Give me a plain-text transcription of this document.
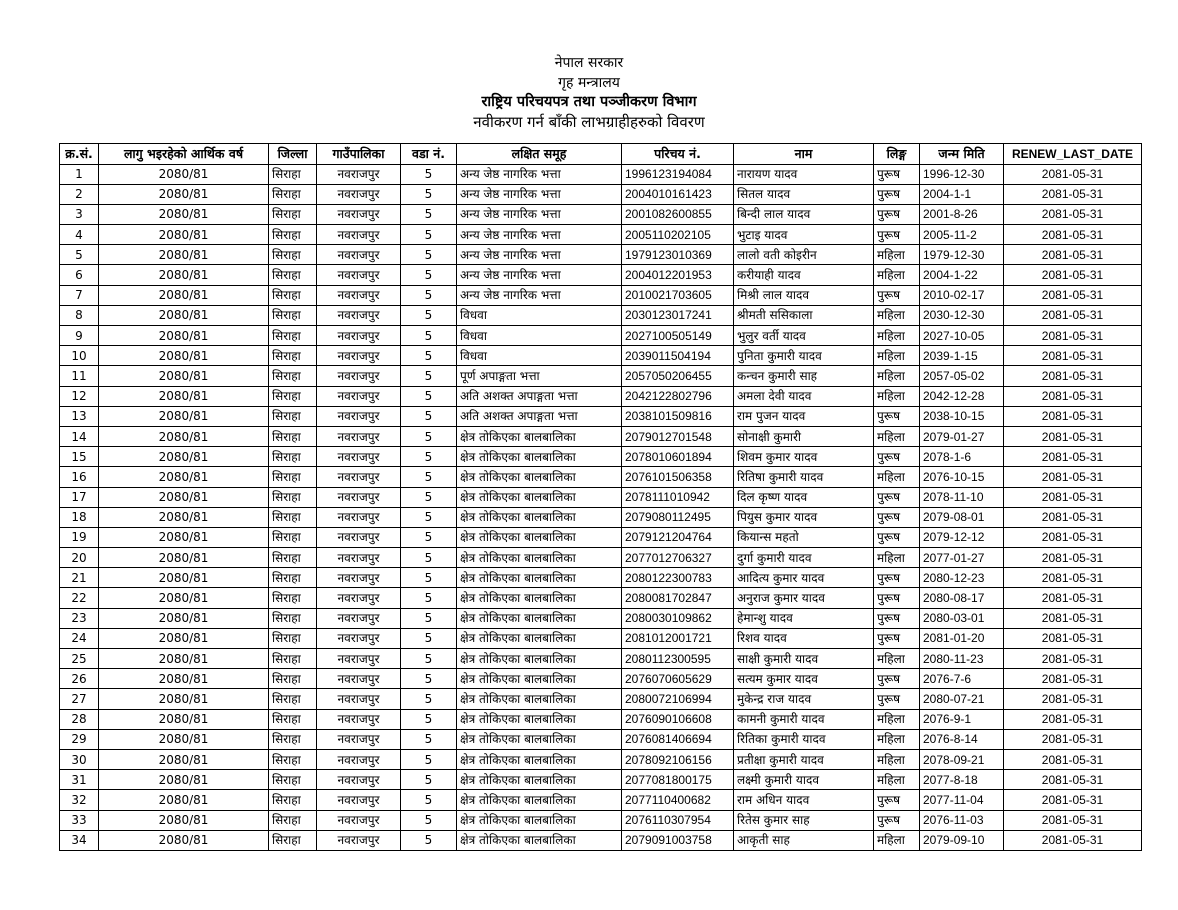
नेपाल सरकार
गृह मन्त्रालय
राष्ट्रिय परिचयपत्र तथा पञ्जीकरण विभाग
नवीकरण गर्न बाँकी लाभग्राहीहरुको विवरण
क्र.सं.	लागु भइरहेको आर्थिक वर्ष	जिल्ला	गाउँपालिका	वडा नं.	लक्षित समूह	परिचय नं.	नाम	लिङ्ग	जन्म मिति	RENEW_LAST_DATE
1	2080/81	सिराहा	नवराजपुर	5	अन्य जेष्ठ नागरिक भत्ता	1996123194084	नारायण यादव	पुरूष	1996-12-30	2081-05-31
2	2080/81	सिराहा	नवराजपुर	5	अन्य जेष्ठ नागरिक भत्ता	2004010161423	सितल यादव	पुरूष	2004-1-1	2081-05-31
3	2080/81	सिराहा	नवराजपुर	5	अन्य जेष्ठ नागरिक भत्ता	2001082600855	बिन्दी लाल यादव	पुरूष	2001-8-26	2081-05-31
4	2080/81	सिराहा	नवराजपुर	5	अन्य जेष्ठ नागरिक भत्ता	2005110202105	भुटाइ यादव	पुरूष	2005-11-2	2081-05-31
5	2080/81	सिराहा	नवराजपुर	5	अन्य जेष्ठ नागरिक भत्ता	1979123010369	लालो वती कोइरीन	महिला	1979-12-30	2081-05-31
6	2080/81	सिराहा	नवराजपुर	5	अन्य जेष्ठ नागरिक भत्ता	2004012201953	करीयाही यादव	महिला	2004-1-22	2081-05-31
7	2080/81	सिराहा	नवराजपुर	5	अन्य जेष्ठ नागरिक भत्ता	2010021703605	मिश्री लाल यादव	पुरूष	2010-02-17	2081-05-31
8	2080/81	सिराहा	नवराजपुर	5	विधवा	2030123017241	श्रीमती ससिकाला	महिला	2030-12-30	2081-05-31
9	2080/81	सिराहा	नवराजपुर	5	विधवा	2027100505149	भुलुर वर्ती यादव	महिला	2027-10-05	2081-05-31
10	2080/81	सिराहा	नवराजपुर	5	विधवा	2039011504194	पुनिता कुमारी यादव	महिला	2039-1-15	2081-05-31
11	2080/81	सिराहा	नवराजपुर	5	पूर्ण अपाङ्गता भत्ता	2057050206455	कन्चन कुमारी साह	महिला	2057-05-02	2081-05-31
12	2080/81	सिराहा	नवराजपुर	5	अति अशक्त अपाङ्गता भत्ता	2042122802796	अमला देवी यादव	महिला	2042-12-28	2081-05-31
13	2080/81	सिराहा	नवराजपुर	5	अति अशक्त अपाङ्गता भत्ता	2038101509816	राम पुजन यादव	पुरूष	2038-10-15	2081-05-31
14	2080/81	सिराहा	नवराजपुर	5	क्षेत्र तोकिएका बालबालिका	2079012701548	सोनाक्षी कुमारी	महिला	2079-01-27	2081-05-31
15	2080/81	सिराहा	नवराजपुर	5	क्षेत्र तोकिएका बालबालिका	2078010601894	शिवम कुमार यादव	पुरूष	2078-1-6	2081-05-31
16	2080/81	सिराहा	नवराजपुर	5	क्षेत्र तोकिएका बालबालिका	2076101506358	रितिषा कुमारी यादव	महिला	2076-10-15	2081-05-31
17	2080/81	सिराहा	नवराजपुर	5	क्षेत्र तोकिएका बालबालिका	2078111010942	दिल कृष्ण यादव	पुरूष	2078-11-10	2081-05-31
18	2080/81	सिराहा	नवराजपुर	5	क्षेत्र तोकिएका बालबालिका	2079080112495	पियुस कुमार यादव	पुरूष	2079-08-01	2081-05-31
19	2080/81	सिराहा	नवराजपुर	5	क्षेत्र तोकिएका बालबालिका	2079121204764	कियान्स महतो	पुरूष	2079-12-12	2081-05-31
20	2080/81	सिराहा	नवराजपुर	5	क्षेत्र तोकिएका बालबालिका	2077012706327	दुर्गा कुमारी यादव	महिला	2077-01-27	2081-05-31
21	2080/81	सिराहा	नवराजपुर	5	क्षेत्र तोकिएका बालबालिका	2080122300783	आदित्य कुमार यादव	पुरूष	2080-12-23	2081-05-31
22	2080/81	सिराहा	नवराजपुर	5	क्षेत्र तोकिएका बालबालिका	2080081702847	अनुराज कुमार यादव	पुरूष	2080-08-17	2081-05-31
23	2080/81	सिराहा	नवराजपुर	5	क्षेत्र तोकिएका बालबालिका	2080030109862	हेमान्शु यादव	पुरूष	2080-03-01	2081-05-31
24	2080/81	सिराहा	नवराजपुर	5	क्षेत्र तोकिएका बालबालिका	2081012001721	रिशव यादव	पुरूष	2081-01-20	2081-05-31
25	2080/81	सिराहा	नवराजपुर	5	क्षेत्र तोकिएका बालबालिका	2080112300595	साक्षी कुमारी यादव	महिला	2080-11-23	2081-05-31
26	2080/81	सिराहा	नवराजपुर	5	क्षेत्र तोकिएका बालबालिका	2076070605629	सत्यम कुमार यादव	पुरूष	2076-7-6	2081-05-31
27	2080/81	सिराहा	नवराजपुर	5	क्षेत्र तोकिएका बालबालिका	2080072106994	मुकेन्द्र राज यादव	पुरूष	2080-07-21	2081-05-31
28	2080/81	सिराहा	नवराजपुर	5	क्षेत्र तोकिएका बालबालिका	2076090106608	कामनी कुमारी यादव	महिला	2076-9-1	2081-05-31
29	2080/81	सिराहा	नवराजपुर	5	क्षेत्र तोकिएका बालबालिका	2076081406694	रितिका कुमारी यादव	महिला	2076-8-14	2081-05-31
30	2080/81	सिराहा	नवराजपुर	5	क्षेत्र तोकिएका बालबालिका	2078092106156	प्रतीक्षा कुमारी यादव	महिला	2078-09-21	2081-05-31
31	2080/81	सिराहा	नवराजपुर	5	क्षेत्र तोकिएका बालबालिका	2077081800175	लक्ष्मी कुमारी यादव	महिला	2077-8-18	2081-05-31
32	2080/81	सिराहा	नवराजपुर	5	क्षेत्र तोकिएका बालबालिका	2077110400682	राम अधिन यादव	पुरूष	2077-11-04	2081-05-31
33	2080/81	सिराहा	नवराजपुर	5	क्षेत्र तोकिएका बालबालिका	2076110307954	रितेस कुमार साह	पुरूष	2076-11-03	2081-05-31
34	2080/81	सिराहा	नवराजपुर	5	क्षेत्र तोकिएका बालबालिका	2079091003758	आकृती साह	महिला	2079-09-10	2081-05-31
